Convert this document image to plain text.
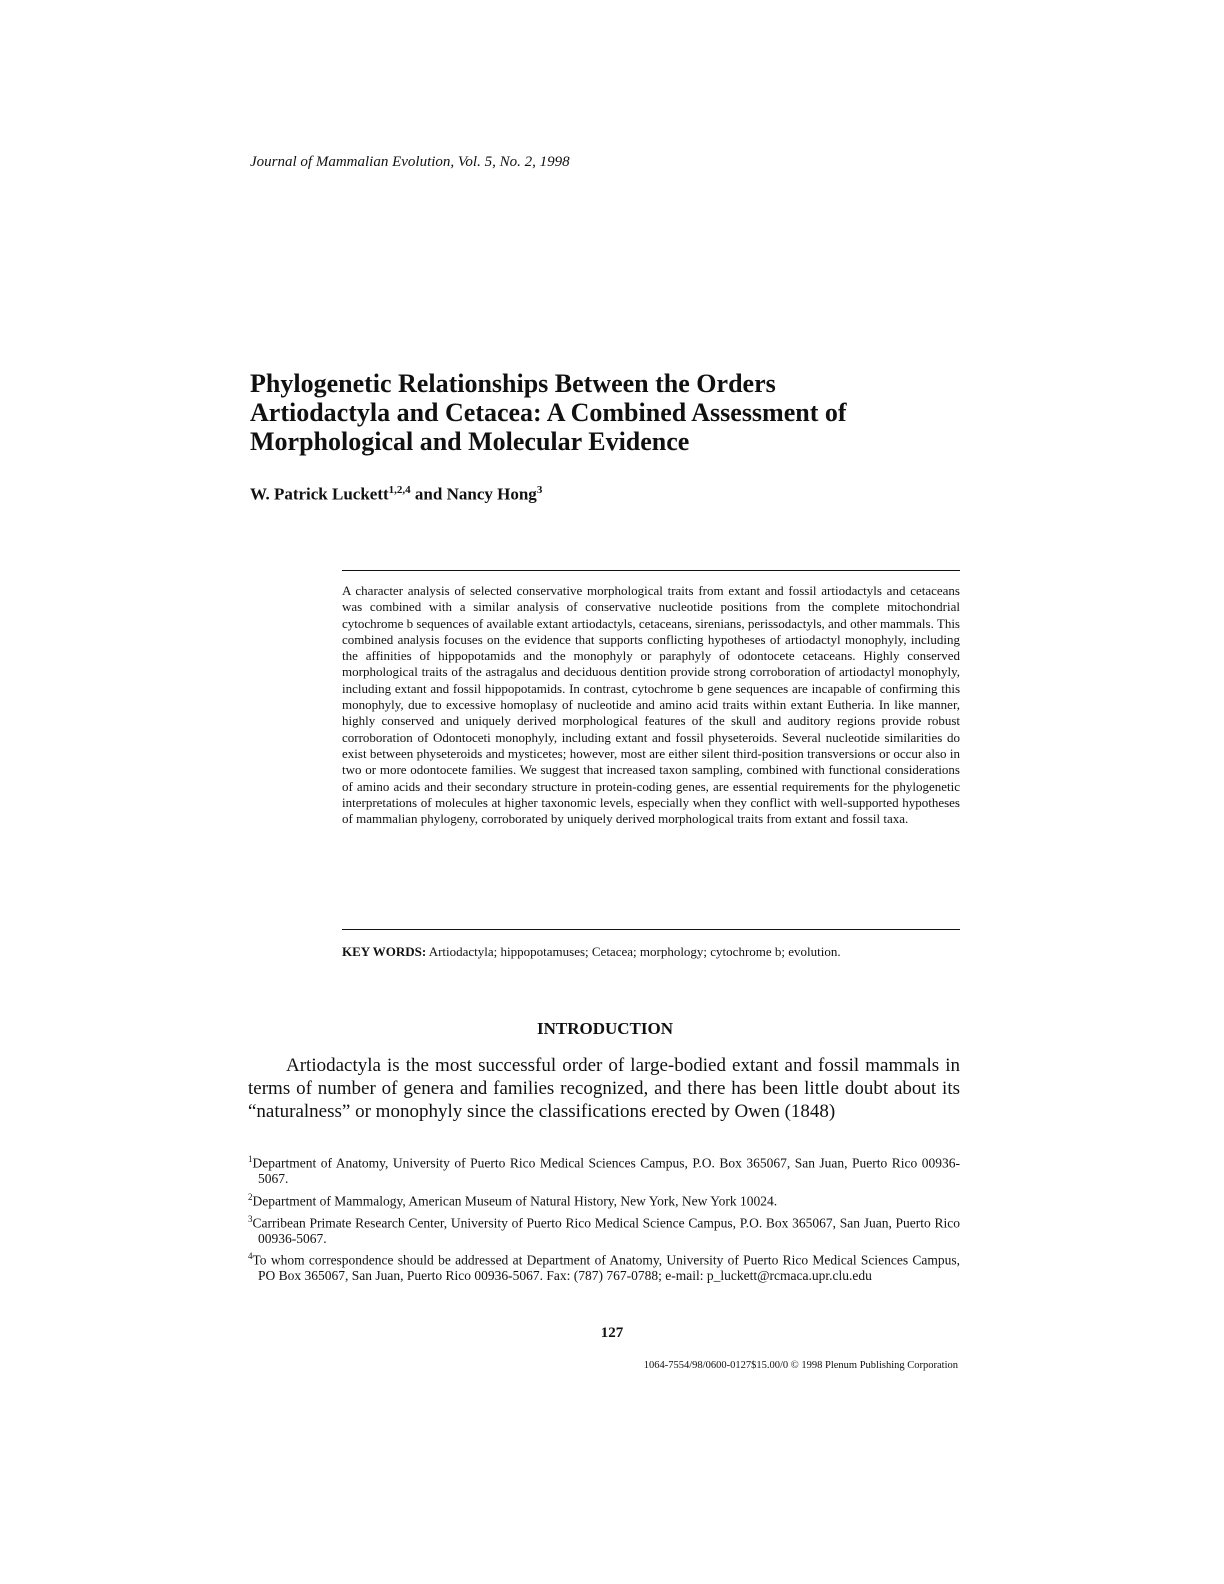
Journal of Mammalian Evolution, Vol. 5, No. 2, 1998
Phylogenetic Relationships Between the Orders
Artiodactyla and Cetacea: A Combined Assessment of
Morphological and Molecular Evidence
W. Patrick Luckett$^{1,2,4}$ and Nancy Hong$^3$

A character analysis of selected conservative morphological traits from extant and fossil artiodactyls and cetaceans was combined with a similar analysis of conservative nucleotide positions from the complete mitochondrial cytochrome b sequences of available extant artiodactyls, cetaceans, sirenians, perissodactyls, and other mammals. This combined analysis focuses on the evidence that supports conflicting hypotheses of artiodactyl monophyly, including the affinities of hippopotamids and the monophyly or paraphyly of odontocete cetaceans. Highly conserved morphological traits of the astragalus and deciduous dentition provide strong corroboration of artiodactyl monophyly, including extant and fossil hippopotamids. In contrast, cytochrome b gene sequences are incapable of confirming this monophyly, due to excessive homoplasy of nucleotide and amino acid traits within extant Eutheria. In like manner, highly conserved and uniquely derived morphological features of the skull and auditory regions provide robust corroboration of Odontoceti monophyly, including extant and fossil physeteroids. Several nucleotide similarities do exist between physeteroids and mysticetes; however, most are either silent third-position transversions or occur also in two or more odontocete families. We suggest that increased taxon sampling, combined with functional considerations of amino acids and their secondary structure in protein-coding genes, are essential requirements for the phylogenetic interpretations of molecules at higher taxonomic levels, especially when they conflict with well-supported hypotheses of mammalian phylogeny, corroborated by uniquely derived morphological traits from extant and fossil taxa.

KEY WORDS: Artiodactyla; hippopotamuses; Cetacea; morphology; cytochrome b; evolution.

INTRODUCTION

Artiodactyla is the most successful order of large-bodied extant and fossil mammals in terms of number of genera and families recognized, and there has been little doubt about its “naturalness” or monophyly since the classifications erected by Owen (1848)

$^1$Department of Anatomy, University of Puerto Rico Medical Sciences Campus, P.O. Box 365067, San Juan, Puerto Rico 00936-5067.
$^2$Department of Mammalogy, American Museum of Natural History, New York, New York 10024.
$^3$Carribean Primate Research Center, University of Puerto Rico Medical Science Campus, P.O. Box 365067, San Juan, Puerto Rico 00936-5067.
$^4$To whom correspondence should be addressed at Department of Anatomy, University of Puerto Rico Medical Sciences Campus, PO Box 365067, San Juan, Puerto Rico 00936-5067. Fax: (787) 767-0788; e-mail: p_luckett@rcmaca.upr.clu.edu
127
1064-7554/98/0600-0127$15.00/0 © 1998 Plenum Publishing Corporation
